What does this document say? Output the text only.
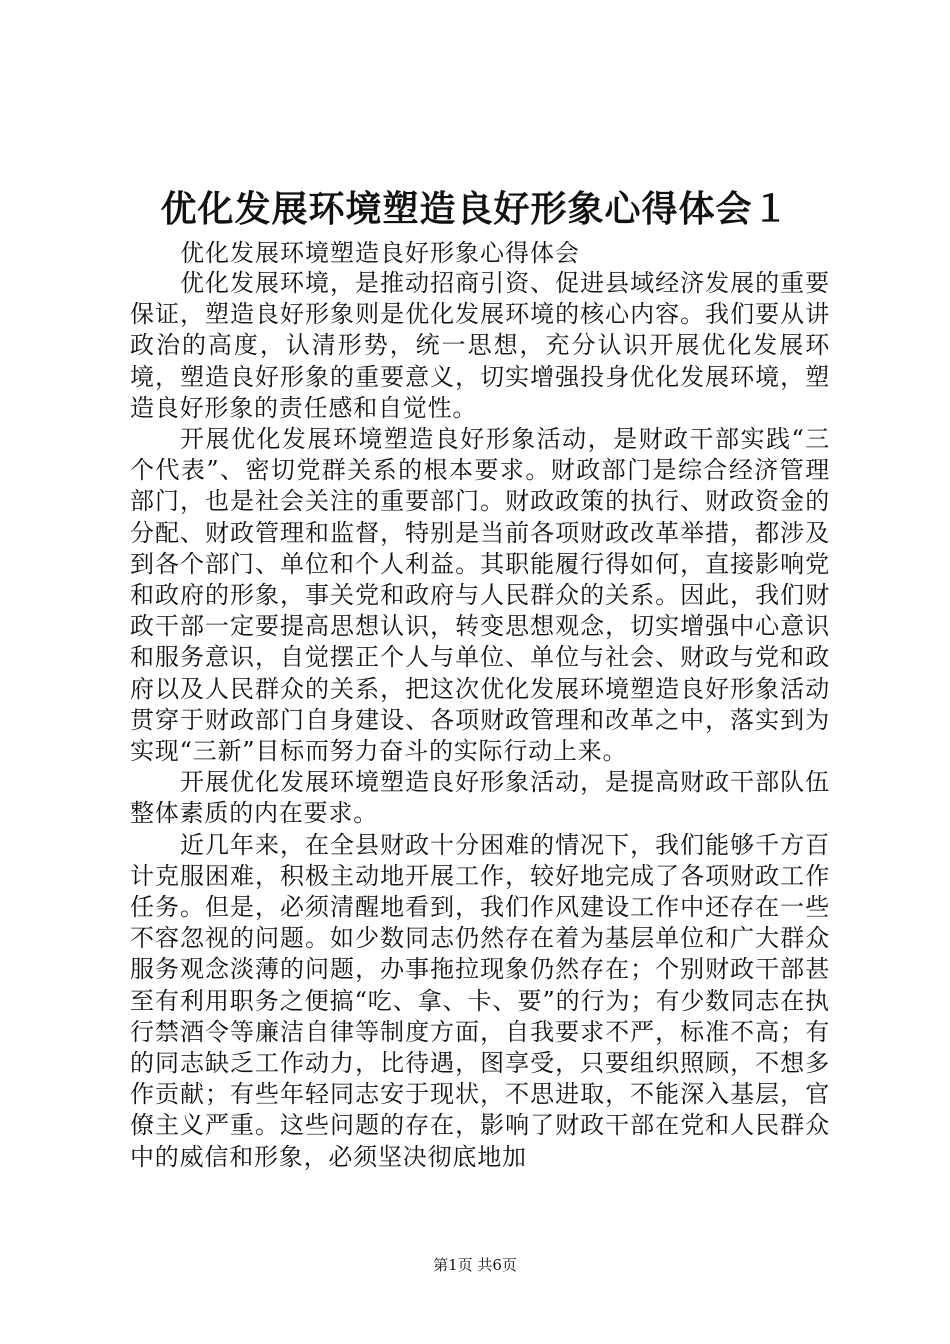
优化发展环境塑造良好形象心得体会１
优化发展环境塑造良好形象心得体会

优化发展环境，是推动招商引资、促进县域经济发展的重要保证，塑造良好形象则是优化发展环境的核心内容。我们要从讲政治的高度，认清形势，统一思想，充分认识开展优化发展环境，塑造良好形象的重要意义，切实增强投身优化发展环境，塑造良好形象的责任感和自觉性。

开展优化发展环境塑造良好形象活动，是财政干部实践“三个代表”、密切党群关系的根本要求。财政部门是综合经济管理部门，也是社会关注的重要部门。财政政策的执行、财政资金的分配、财政管理和监督，特别是当前各项财政改革举措，都涉及到各个部门、单位和个人利益。其职能履行得如何，直接影响党和政府的形象，事关党和政府与人民群众的关系。因此，我们财政干部一定要提高思想认识，转变思想观念，切实增强中心意识和服务意识，自觉摆正个人与单位、单位与社会、财政与党和政府以及人民群众的关系，把这次优化发展环境塑造良好形象活动贯穿于财政部门自身建设、各项财政管理和改革之中，落实到为实现“三新”目标而努力奋斗的实际行动上来。

开展优化发展环境塑造良好形象活动，是提高财政干部队伍整体素质的内在要求。

近几年来，在全县财政十分困难的情况下，我们能够千方百计克服困难，积极主动地开展工作，较好地完成了各项财政工作任务。但是，必须清醒地看到，我们作风建设工作中还存在一些不容忽视的问题。如少数同志仍然存在着为基层单位和广大群众服务观念淡薄的问题，办事拖拉现象仍然存在；个别财政干部甚至有利用职务之便搞“吃、拿、卡、要”的行为；有少数同志在执行禁酒令等廉洁自律等制度方面，自我要求不严，标准不高；有的同志缺乏工作动力，比待遇，图享受，只要组织照顾，不想多作贡献；有些年轻同志安于现状，不思进取，不能深入基层，官僚主义严重。这些问题的存在，影响了财政干部在党和人民群众中的威信和形象，必须坚决彻底地加

第1页 共6页
